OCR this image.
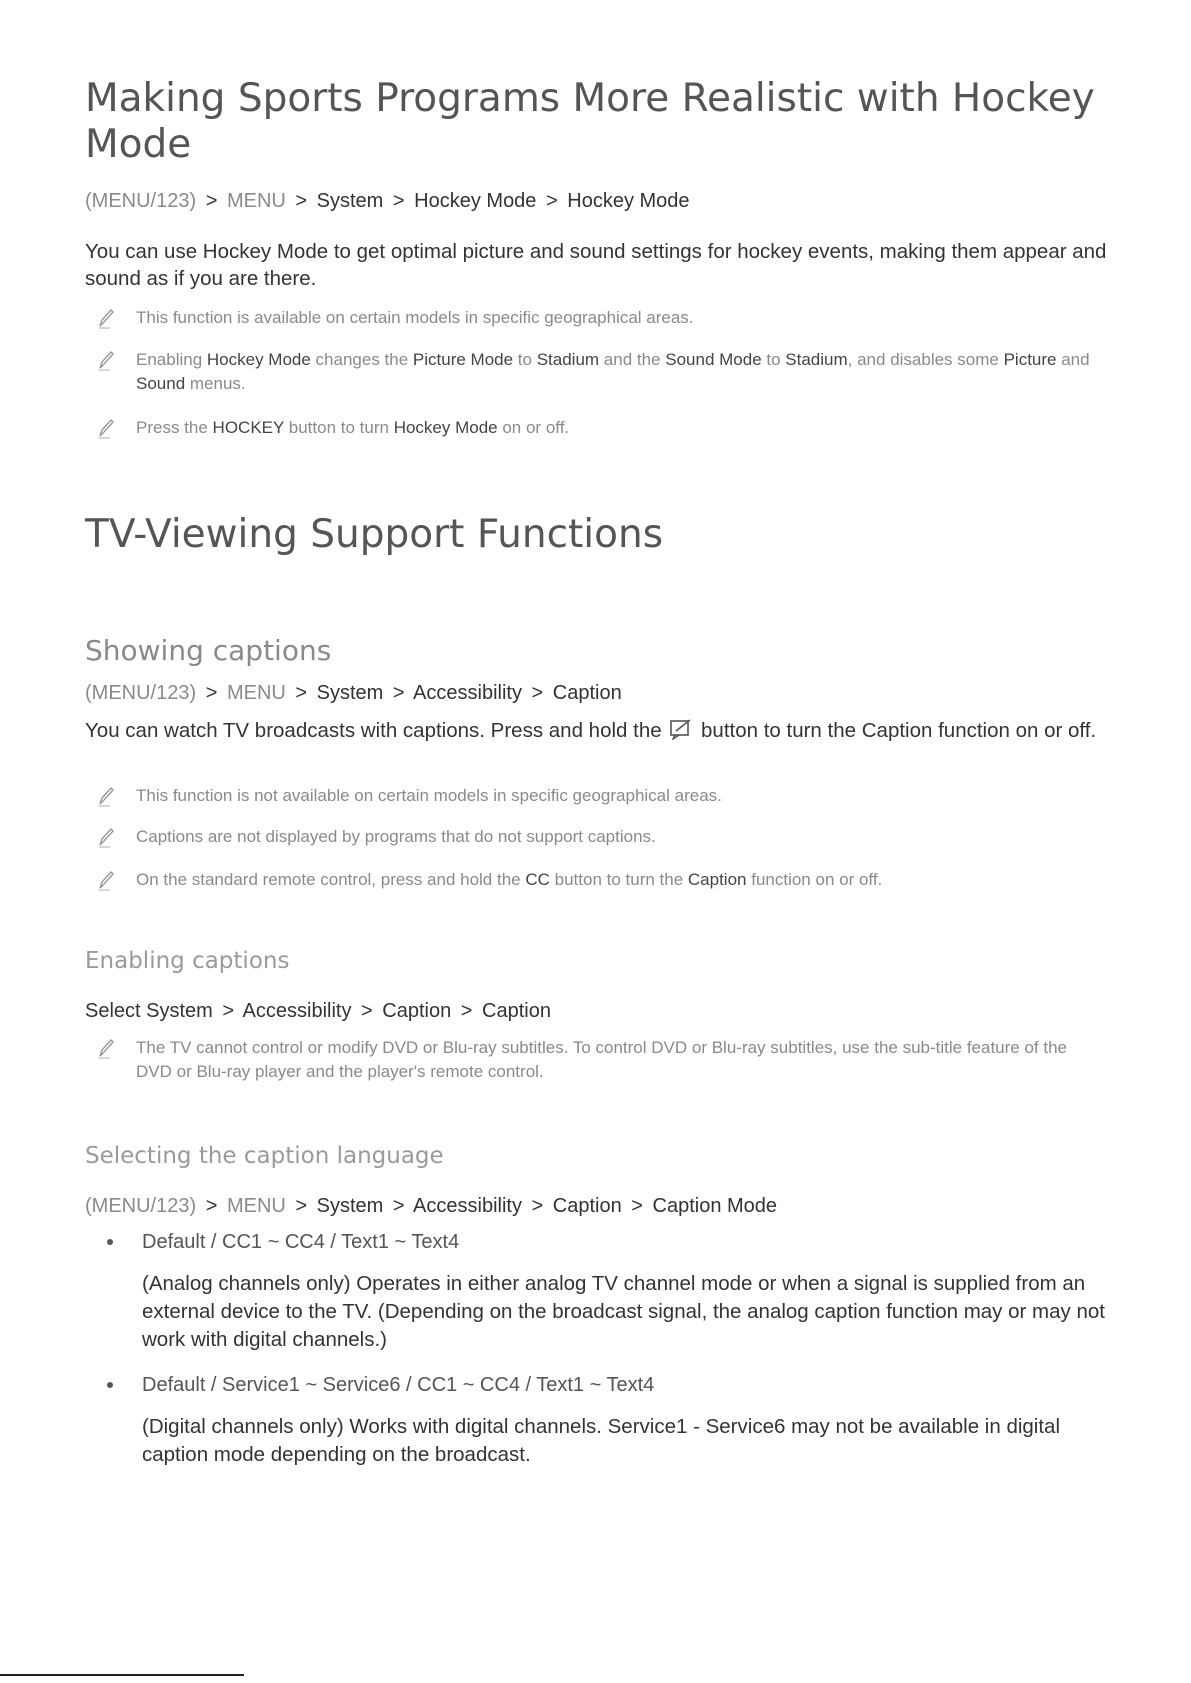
Making Sports Programs More Realistic with Hockey
Mode
(MENU/123) > MENU > System > Hockey Mode > Hockey Mode
You can use Hockey Mode to get optimal picture and sound settings for hockey events, making them appear and sound as if you are there.
This function is available on certain models in specific geographical areas.
Enabling Hockey Mode changes the Picture Mode to Stadium and the Sound Mode to Stadium, and disables some Picture and Sound menus.
Press the HOCKEY button to turn Hockey Mode on or off.
TV-Viewing Support Functions
Showing captions
(MENU/123) > MENU > System > Accessibility > Caption
You can watch TV broadcasts with captions. Press and hold the  button to turn the Caption function on or off.
This function is not available on certain models in specific geographical areas.
Captions are not displayed by programs that do not support captions.
On the standard remote control, press and hold the CC button to turn the Caption function on or off.
Enabling captions
Select System > Accessibility > Caption > Caption
The TV cannot control or modify DVD or Blu-ray subtitles. To control DVD or Blu-ray subtitles, use the sub-title feature of the DVD or Blu-ray player and the player's remote control.
Selecting the caption language
(MENU/123) > MENU > System > Accessibility > Caption > Caption Mode
Default / CC1 ~ CC4 / Text1 ~ Text4
(Analog channels only) Operates in either analog TV channel mode or when a signal is supplied from an external device to the TV. (Depending on the broadcast signal, the analog caption function may or may not work with digital channels.)
Default / Service1 ~ Service6 / CC1 ~ CC4 / Text1 ~ Text4
(Digital channels only) Works with digital channels. Service1 - Service6 may not be available in digital caption mode depending on the broadcast.
